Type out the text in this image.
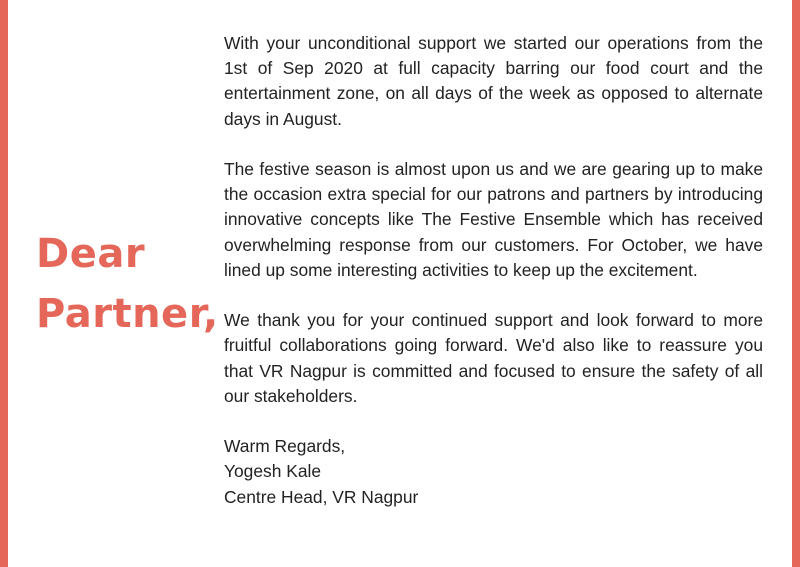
Dear
Partner,

With your unconditional support we started our operations from the 1st of Sep 2020 at full capacity barring our food court and the entertainment zone, on all days of the week as opposed to alternate days in August.

The festive season is almost upon us and we are gearing up to make the occasion extra special for our patrons and partners by introducing innovative concepts like The Festive Ensemble which has received overwhelming response from our customers. For October, we have lined up some interesting activities to keep up the excitement.

We thank you for your continued support and look forward to more fruitful collaborations going forward. We'd also like to reassure you that VR Nagpur is committed and focused to ensure the safety of all our stakeholders.

Warm Regards,
Yogesh Kale
Centre Head, VR Nagpur
